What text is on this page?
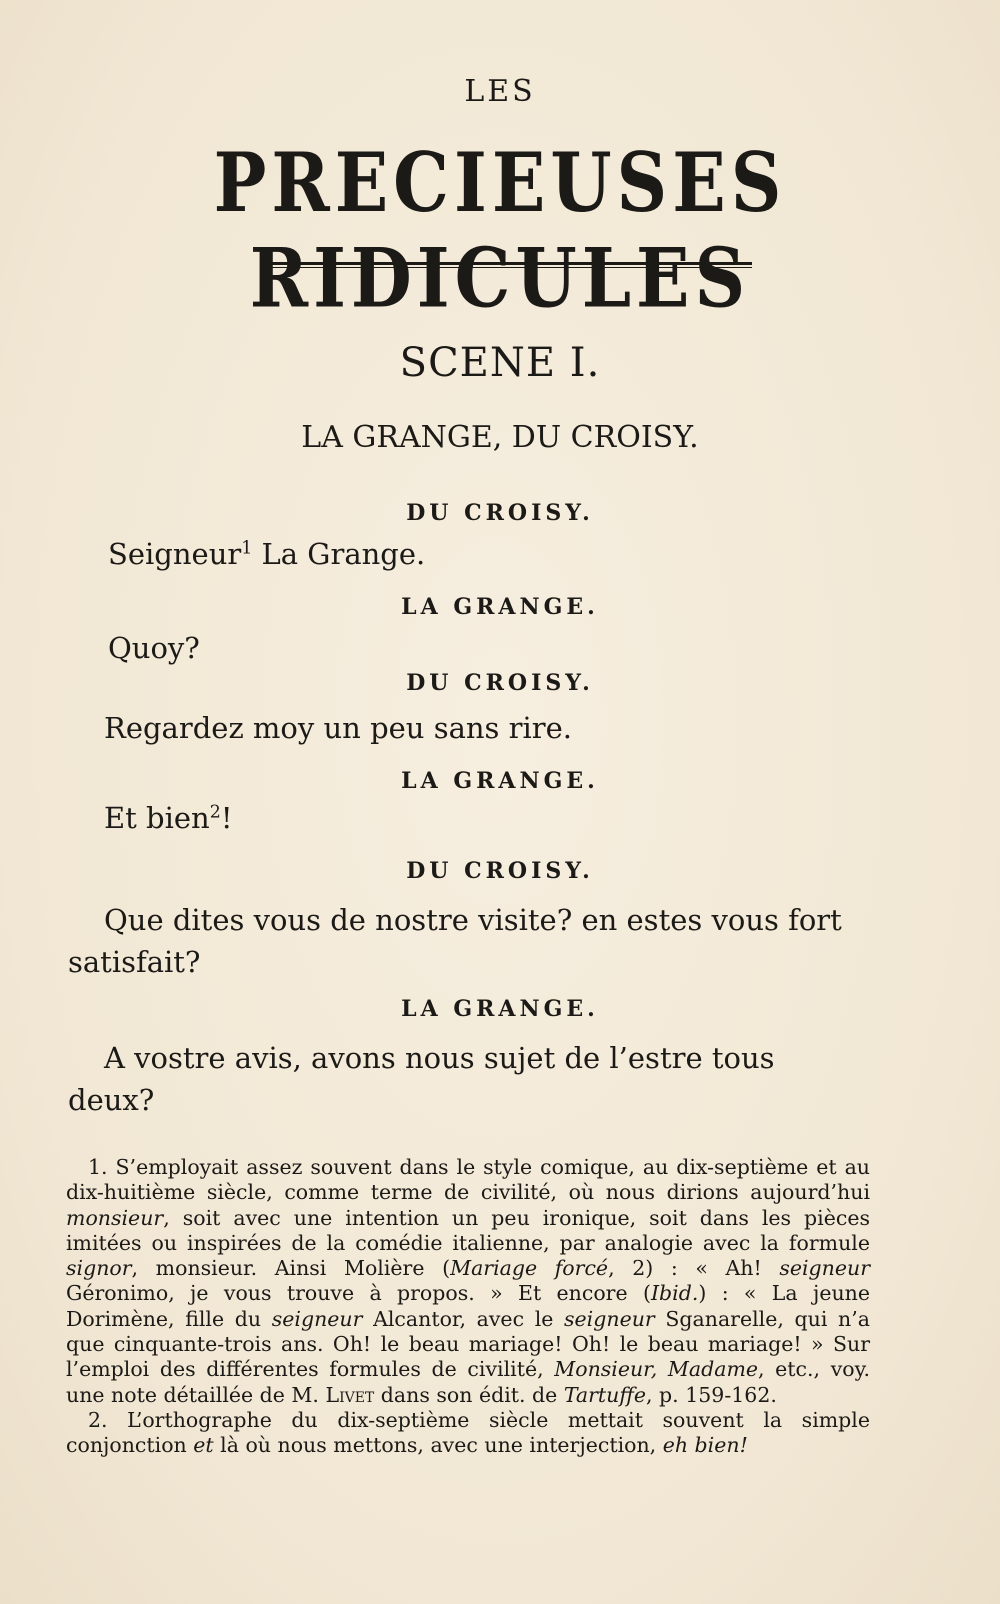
LES
PRECIEUSES RIDICULES
SCENE I.
LA GRANGE, DU CROISY.
DU CROISY.
Seigneur$^1$ La Grange.
LA GRANGE.
Quoy?
DU CROISY.
Regardez moy un peu sans rire.
LA GRANGE.
Et bien$^2$!
DU CROISY.
Que dites vous de nostre visite? en estes vous fort
satisfait?
LA GRANGE.
A vostre avis, avons nous sujet de l’estre tous
deux?

1. S’employait assez souvent dans le style comique, au dix-septième et au dix-huitième siècle, comme terme de civilité, où nous dirions aujourd’hui monsieur, soit avec une intention un peu ironique, soit dans les pièces imitées ou inspirées de la comédie italienne, par analogie avec la formule signor, monsieur. Ainsi Molière (Mariage forcé, 2) : « Ah! seigneur Géronimo, je vous trouve à propos. » Et encore (Ibid.) : « La jeune Dorimène, fille du seigneur Alcantor, avec le seigneur Sganarelle, qui n’a que cinquante-trois ans. Oh! le beau mariage! Oh! le beau mariage! » Sur l’emploi des différentes formules de civilité, Monsieur, Madame, etc., voy. une note détaillée de M. Livet dans son édit. de Tartuffe, p. 159-162.

2. L’orthographe du dix-septième siècle mettait souvent la simple conjonction et là où nous mettons, avec une interjection, eh bien!
